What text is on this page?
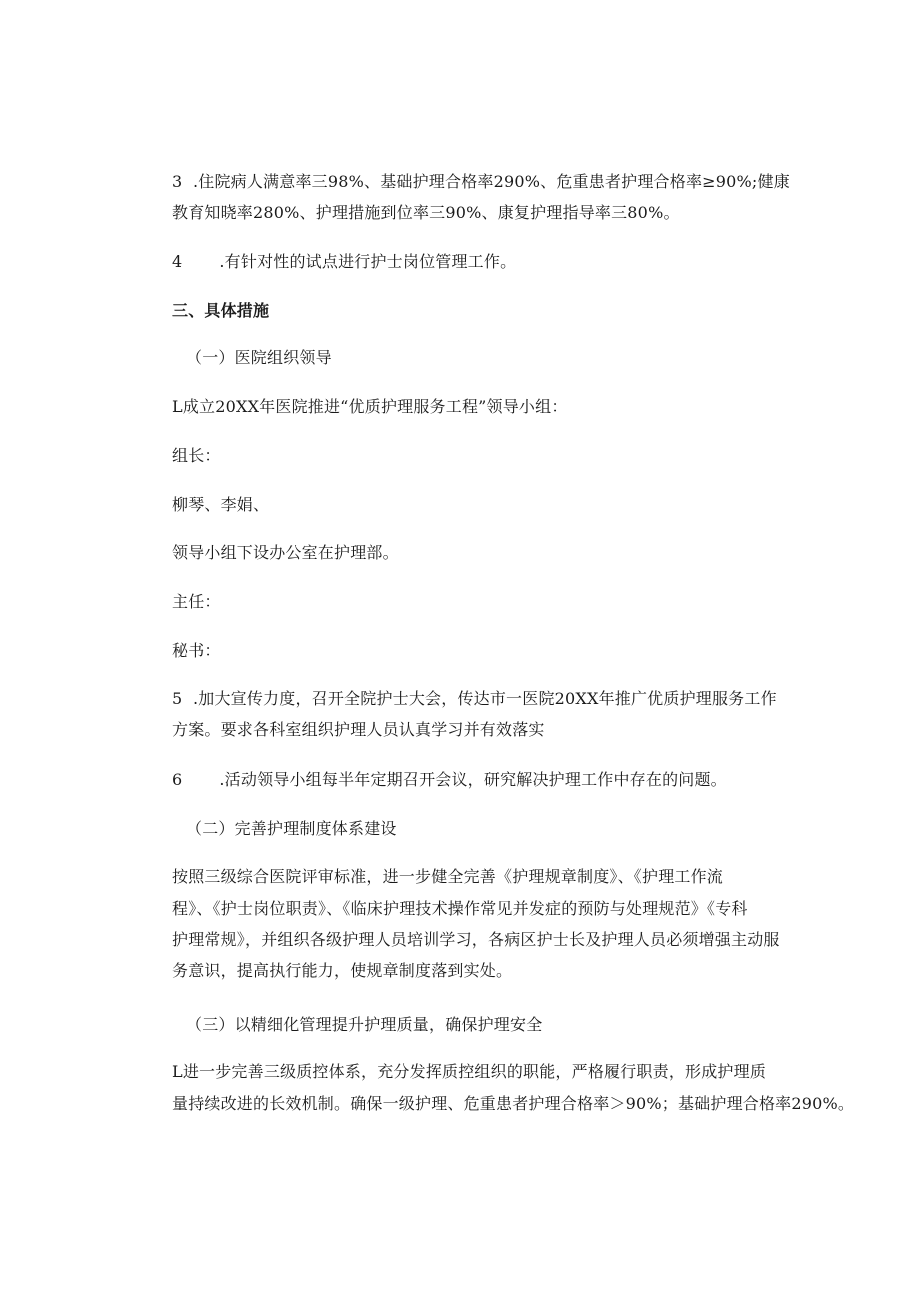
3  .住院病人满意率三98%、基础护理合格率290%、危重患者护理合格率≥90%;健康
教育知晓率280%、护理措施到位率三90%、康复护理指导率三80%。
4       .有针对性的试点进行护士岗位管理工作。
三、具体措施
（一）医院组织领导
L成立20XX年医院推进“优质护理服务工程”领导小组：
组长：
柳琴、李娟、
领导小组下设办公室在护理部。
主任：
秘书：
5  .加大宣传力度，召开全院护士大会，传达市一医院20XX年推广优质护理服务工作
方案。要求各科室组织护理人员认真学习并有效落实
6       .活动领导小组每半年定期召开会议，研究解决护理工作中存在的问题。
（二）完善护理制度体系建设
按照三级综合医院评审标准，进一步健全完善《护理规章制度》、《护理工作流
程》、《护士岗位职责》、《临床护理技术操作常见并发症的预防与处理规范》《专科
护理常规》，并组织各级护理人员培训学习，各病区护士长及护理人员必须增强主动服
务意识，提高执行能力，使规章制度落到实处。
（三）以精细化管理提升护理质量，确保护理安全
L进一步完善三级质控体系，充分发挥质控组织的职能，严格履行职责，形成护理质
量持续改进的长效机制。确保一级护理、危重患者护理合格率＞90%；基础护理合格率290%。
